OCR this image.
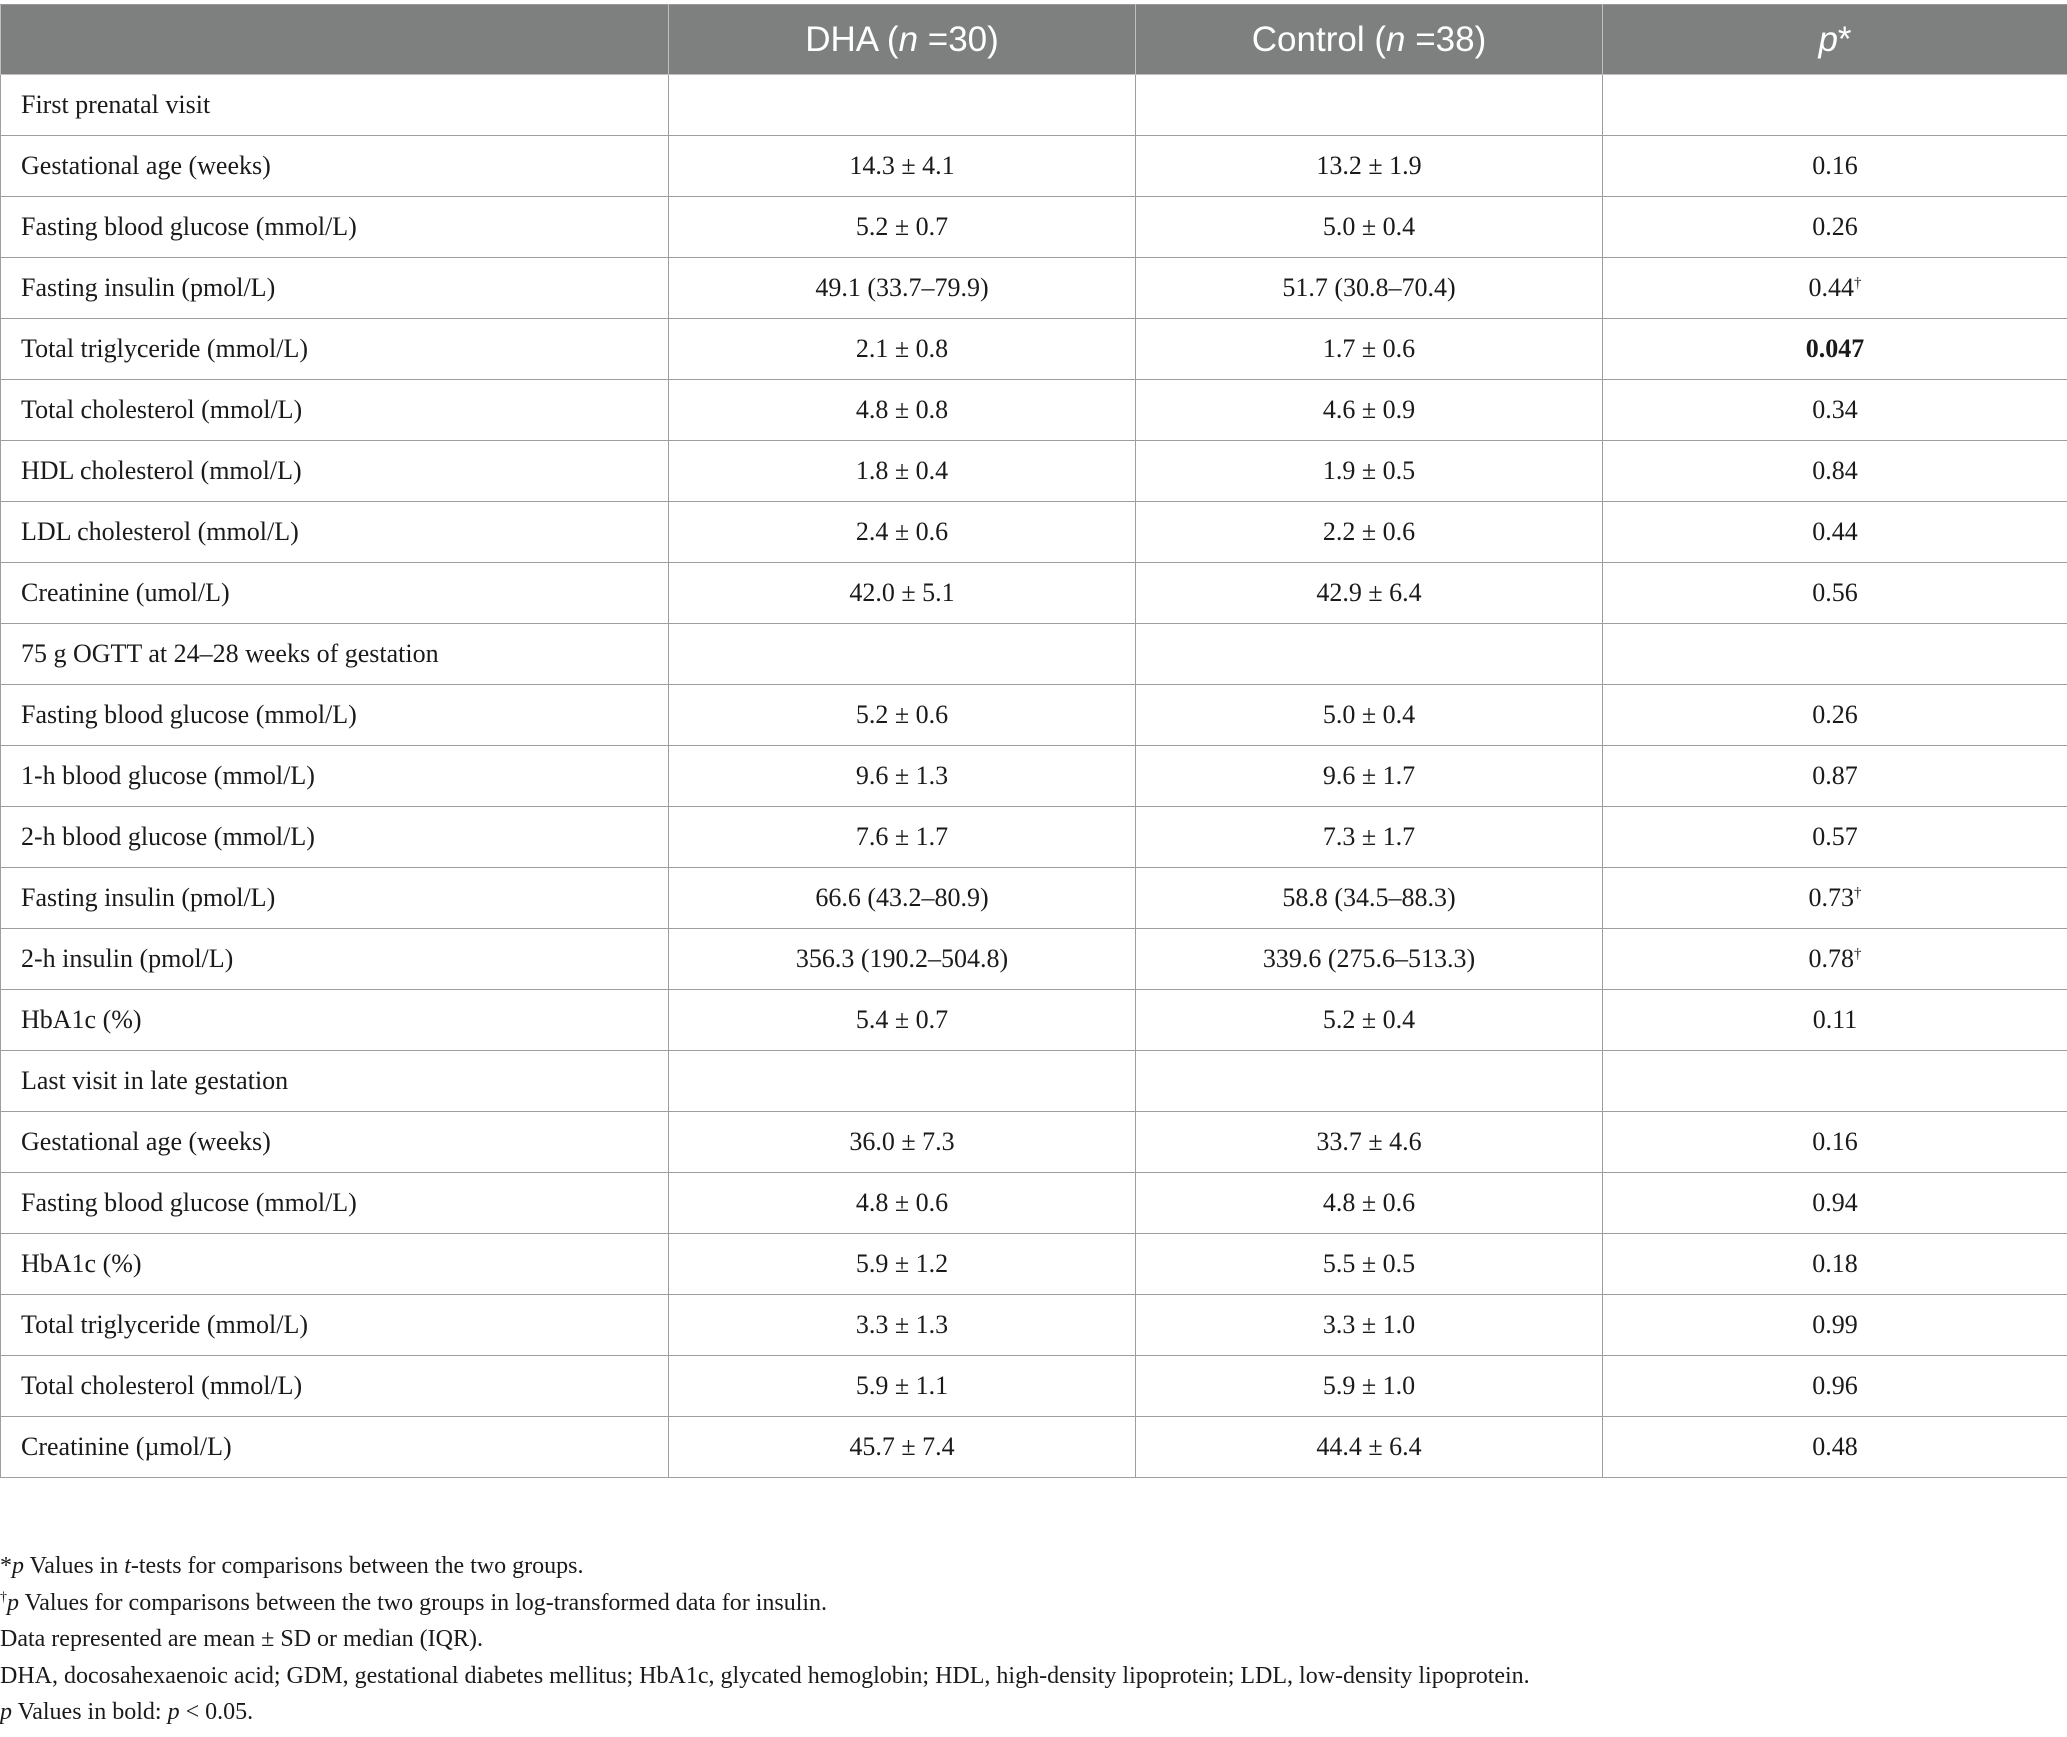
	DHA (n =30)	Control (n =38)	p*
First prenatal visit			
Gestational age (weeks)	14.3 ± 4.1	13.2 ± 1.9	0.16
Fasting blood glucose (mmol/L)	5.2 ± 0.7	5.0 ± 0.4	0.26
Fasting insulin (pmol/L)	49.1 (33.7–79.9)	51.7 (30.8–70.4)	0.44†
Total triglyceride (mmol/L)	2.1 ± 0.8	1.7 ± 0.6	0.047
Total cholesterol (mmol/L)	4.8 ± 0.8	4.6 ± 0.9	0.34
HDL cholesterol (mmol/L)	1.8 ± 0.4	1.9 ± 0.5	0.84
LDL cholesterol (mmol/L)	2.4 ± 0.6	2.2 ± 0.6	0.44
Creatinine (umol/L)	42.0 ± 5.1	42.9 ± 6.4	0.56
75 g OGTT at 24–28 weeks of gestation			
Fasting blood glucose (mmol/L)	5.2 ± 0.6	5.0 ± 0.4	0.26
1-h blood glucose (mmol/L)	9.6 ± 1.3	9.6 ± 1.7	0.87
2-h blood glucose (mmol/L)	7.6 ± 1.7	7.3 ± 1.7	0.57
Fasting insulin (pmol/L)	66.6 (43.2–80.9)	58.8 (34.5–88.3)	0.73†
2-h insulin (pmol/L)	356.3 (190.2–504.8)	339.6 (275.6–513.3)	0.78†
HbA1c (%)	5.4 ± 0.7	5.2 ± 0.4	0.11
Last visit in late gestation			
Gestational age (weeks)	36.0 ± 7.3	33.7 ± 4.6	0.16
Fasting blood glucose (mmol/L)	4.8 ± 0.6	4.8 ± 0.6	0.94
HbA1c (%)	5.9 ± 1.2	5.5 ± 0.5	0.18
Total triglyceride (mmol/L)	3.3 ± 1.3	3.3 ± 1.0	0.99
Total cholesterol (mmol/L)	5.9 ± 1.1	5.9 ± 1.0	0.96
Creatinine (µmol/L)	45.7 ± 7.4	44.4 ± 6.4	0.48
*p Values in t-tests for comparisons between the two groups.
†p Values for comparisons between the two groups in log-transformed data for insulin.
Data represented are mean ± SD or median (IQR).
DHA, docosahexaenoic acid; GDM, gestational diabetes mellitus; HbA1c, glycated hemoglobin; HDL, high-density lipoprotein; LDL, low-density lipoprotein.
p Values in bold: p < 0.05.
